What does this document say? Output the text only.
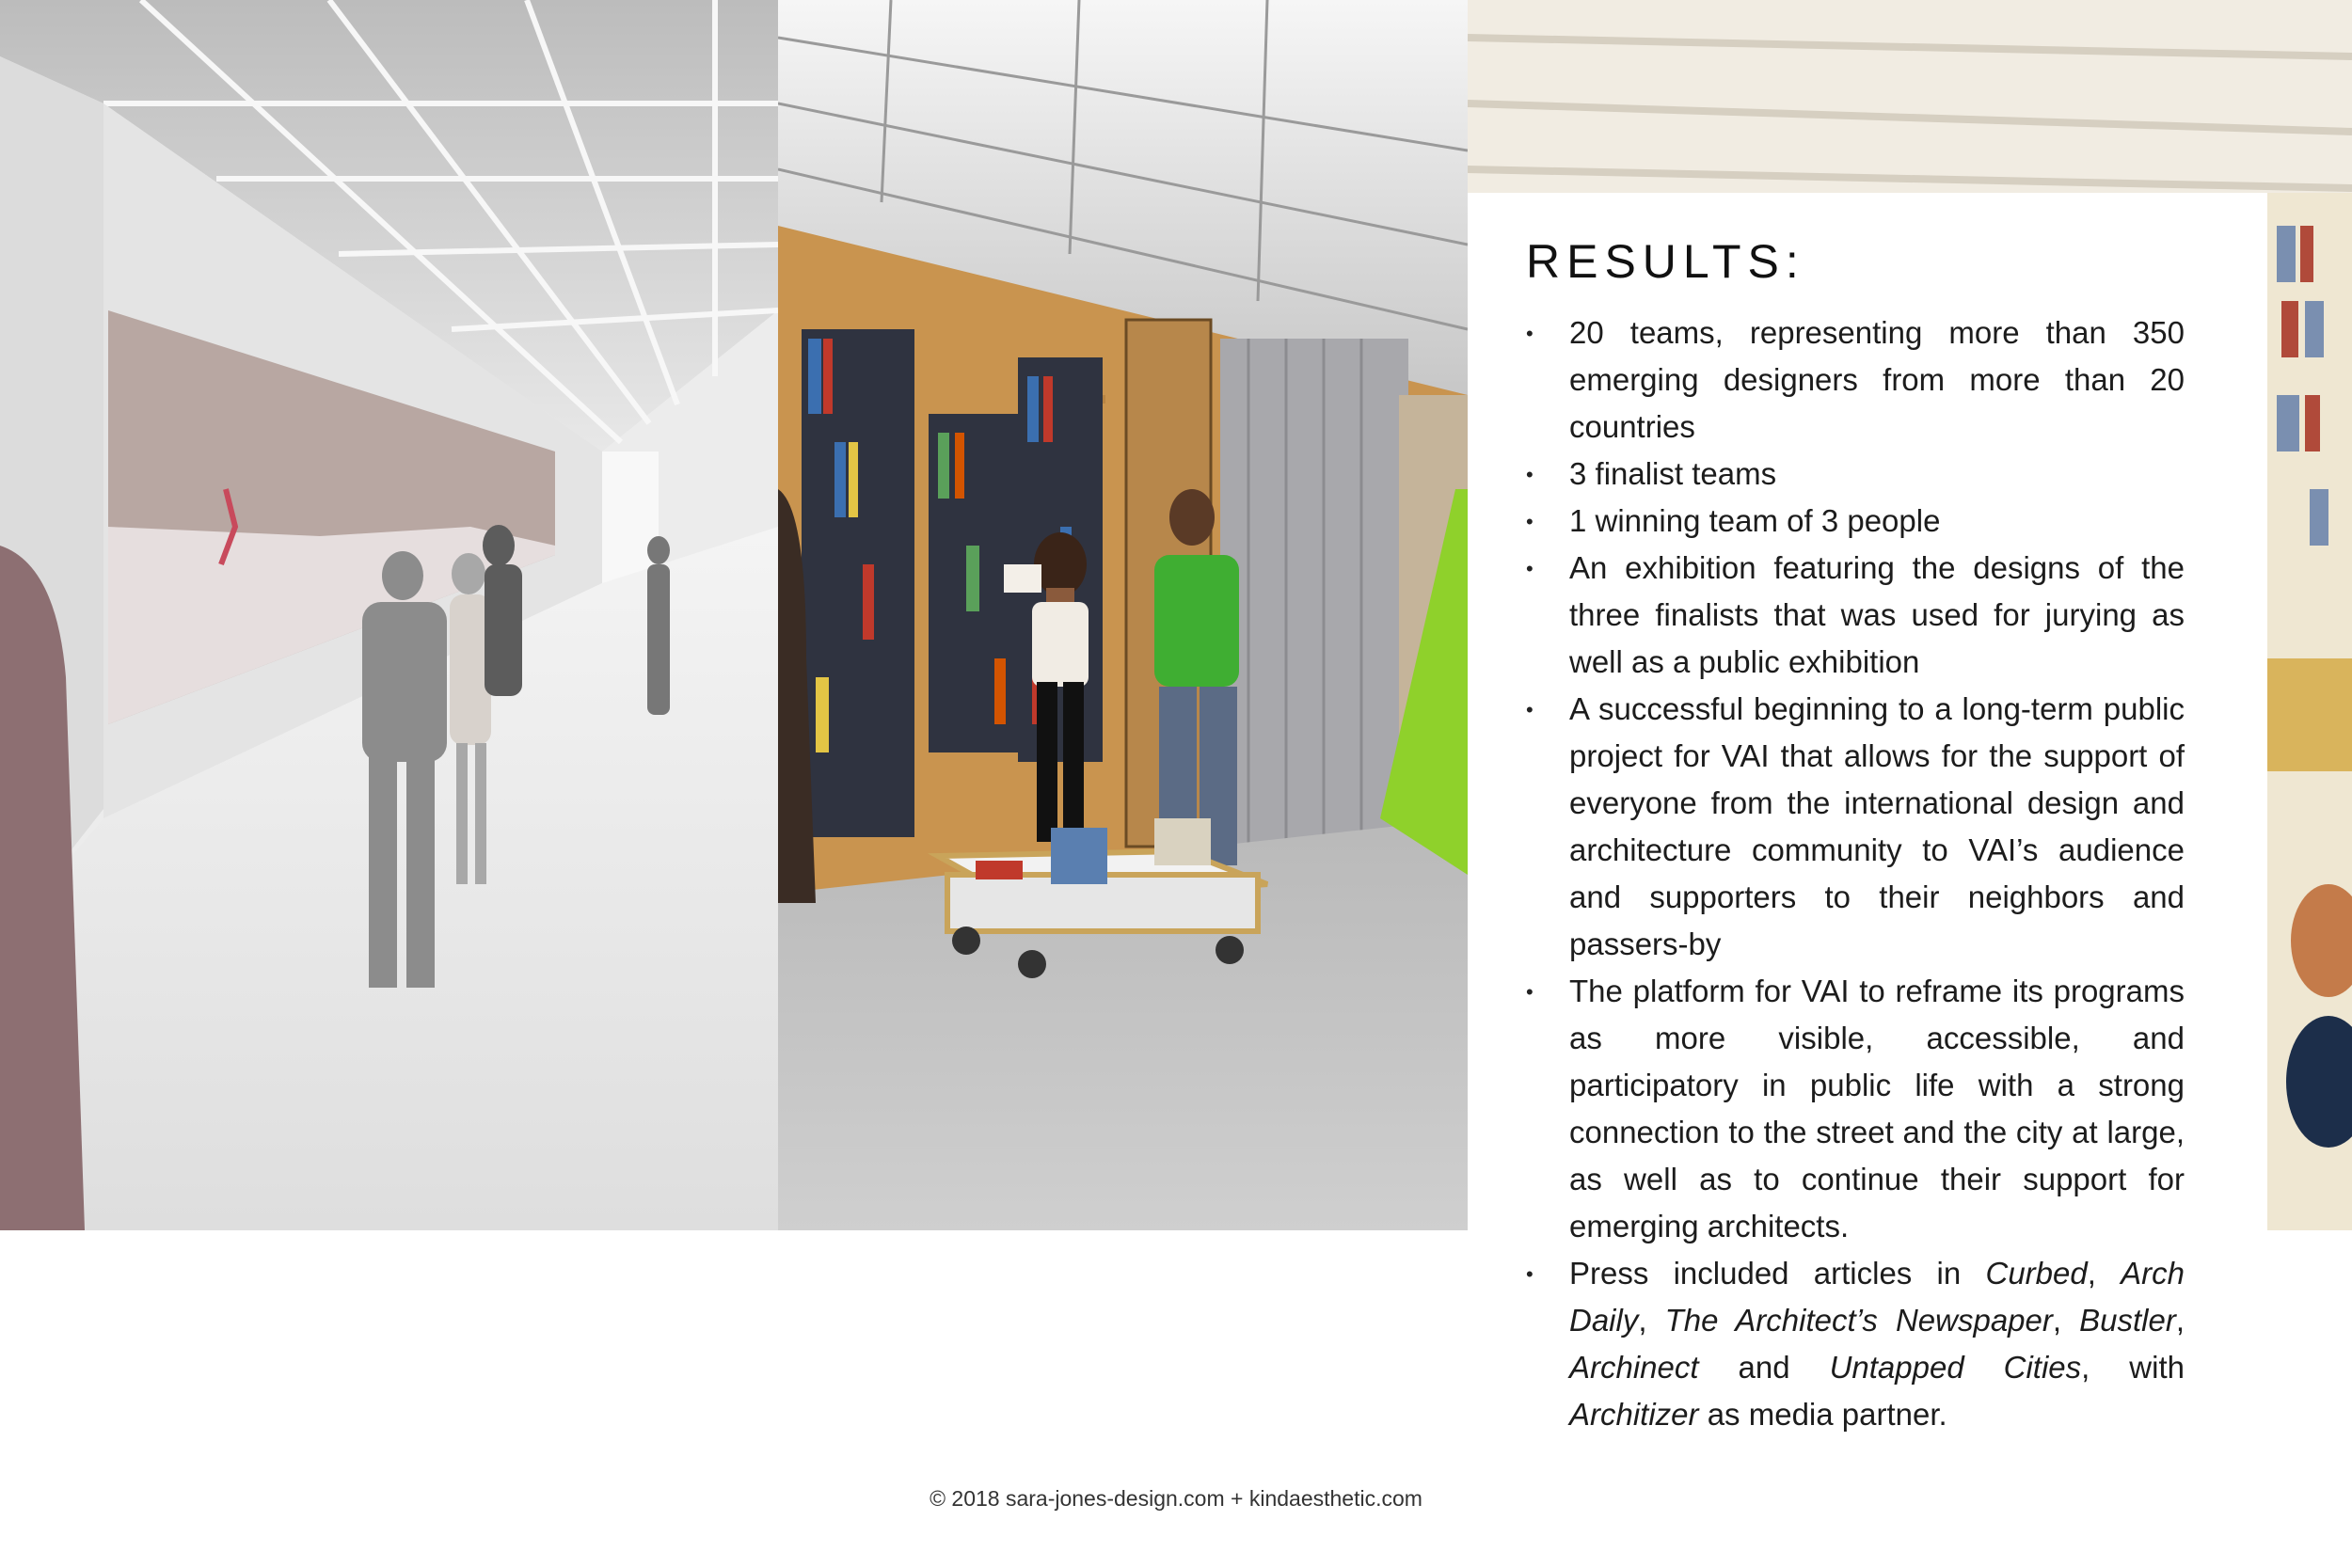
RESULTS:
• 20 teams, representing more than 350 emerging designers from more than 20 countries
• 3 finalist teams
• 1 winning team of 3 people
• An exhibition featuring the designs of the three finalists that was used for jurying as well as a public exhibition
• A successful beginning to a long-term public project for VAI that allows for the support of everyone from the international design and architecture community to VAI’s audience and supporters to their neighbors and passers-by
• The platform for VAI to reframe its programs as more visible, accessible, and participatory in public life with a strong connection to the street and the city at large, as well as to continue their support for emerging architects.
• Press included articles in Curbed, Arch Daily, The Architect’s Newspaper, Bustler, Archinect and Untapped Cities, with Architizer as media partner.
© 2018 sara-jones-design.com + kindaesthetic.com
